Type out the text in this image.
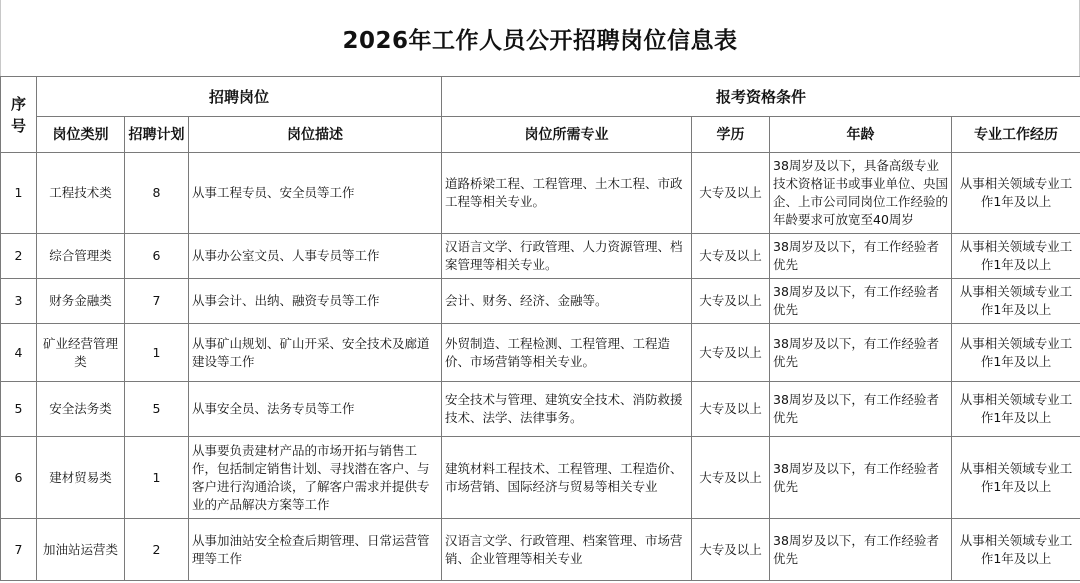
2026年工作人员公开招聘岗位信息表
序号	招聘岗位			报考资格条件			
	岗位类别	招聘计划	岗位描述	岗位所需专业	学历	年龄	专业工作经历
1	工程技术类	8	从事工程专员、安全员等工作	道路桥梁工程、工程管理、土木工程、市政工程等相关专业。	大专及以上	38周岁及以下，具备高级专业技术资格证书或事业单位、央国企、上市公司同岗位工作经验的年龄要求可放宽至40周岁	从事相关领域专业工作1年及以上
2	综合管理类	6	从事办公室文员、人事专员等工作	汉语言文学、行政管理、人力资源管理、档案管理等相关专业。	大专及以上	38周岁及以下，有工作经验者优先	从事相关领域专业工作1年及以上
3	财务金融类	7	从事会计、出纳、融资专员等工作	会计、财务、经济、金融等。	大专及以上	38周岁及以下，有工作经验者优先	从事相关领域专业工作1年及以上
4	矿业经营管理类	1	从事矿山规划、矿山开采、安全技术及廊道建设等工作	外贸制造、工程检测、工程管理、工程造价、市场营销等相关专业。	大专及以上	38周岁及以下，有工作经验者优先	从事相关领域专业工作1年及以上
5	安全法务类	5	从事安全员、法务专员等工作	安全技术与管理、建筑安全技术、消防救援技术、法学、法律事务。	大专及以上	38周岁及以下，有工作经验者优先	从事相关领域专业工作1年及以上
6	建材贸易类	1	从事要负责建材产品的市场开拓与销售工作，包括制定销售计划、寻找潜在客户、与客户进行沟通洽谈，了解客户需求并提供专业的产品解决方案等工作	建筑材料工程技术、工程管理、工程造价、市场营销、国际经济与贸易等相关专业	大专及以上	38周岁及以下，有工作经验者优先	从事相关领域专业工作1年及以上
7	加油站运营类	2	从事加油站安全检查后期管理、日常运营管理等工作	汉语言文学、行政管理、档案管理、市场营销、企业管理等相关专业	大专及以上	38周岁及以下，有工作经验者优先	从事相关领域专业工作1年及以上
